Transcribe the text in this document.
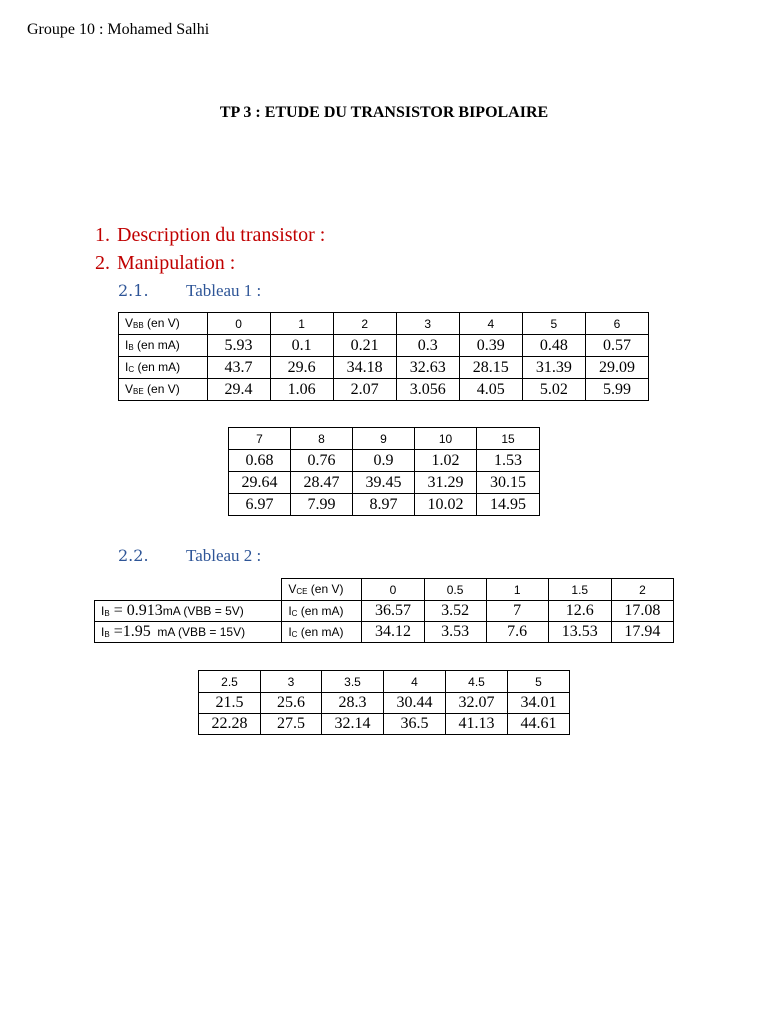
Groupe 10 : Mohamed Salhi
TP 3 : ETUDE DU TRANSISTOR BIPOLAIRE
1. Description du transistor :
2. Manipulation :
2.1. Tableau 1 :
$V_{BB}$ (en V)	0	1	2	3	4	5	6
$I_B$ (en mA)	5.93	0.1	0.21	0.3	0.39	0.48	0.57
$I_C$ (en mA)	43.7	29.6	34.18	32.63	28.15	31.39	29.09
$V_{BE}$ (en V)	29.4	1.06	2.07	3.056	4.05	5.02	5.99
7	8	9	10	15
0.68	0.76	0.9	1.02	1.53
29.64	28.47	39.45	31.29	30.15
6.97	7.99	8.97	10.02	14.95
2.2. Tableau 2 :
	$V_{CE}$ (en V)	0	0.5	1	1.5	2
$I_B = 0.913mA$ (VBB = 5V)	$I_C$ (en mA)	36.57	3.52	7	12.6	17.08
$I_B =1.95$  mA (VBB = 15V)	$I_C$ (en mA)	34.12	3.53	7.6	13.53	17.94
2.5	3	3.5	4	4.5	5
21.5	25.6	28.3	30.44	32.07	34.01
22.28	27.5	32.14	36.5	41.13	44.61
